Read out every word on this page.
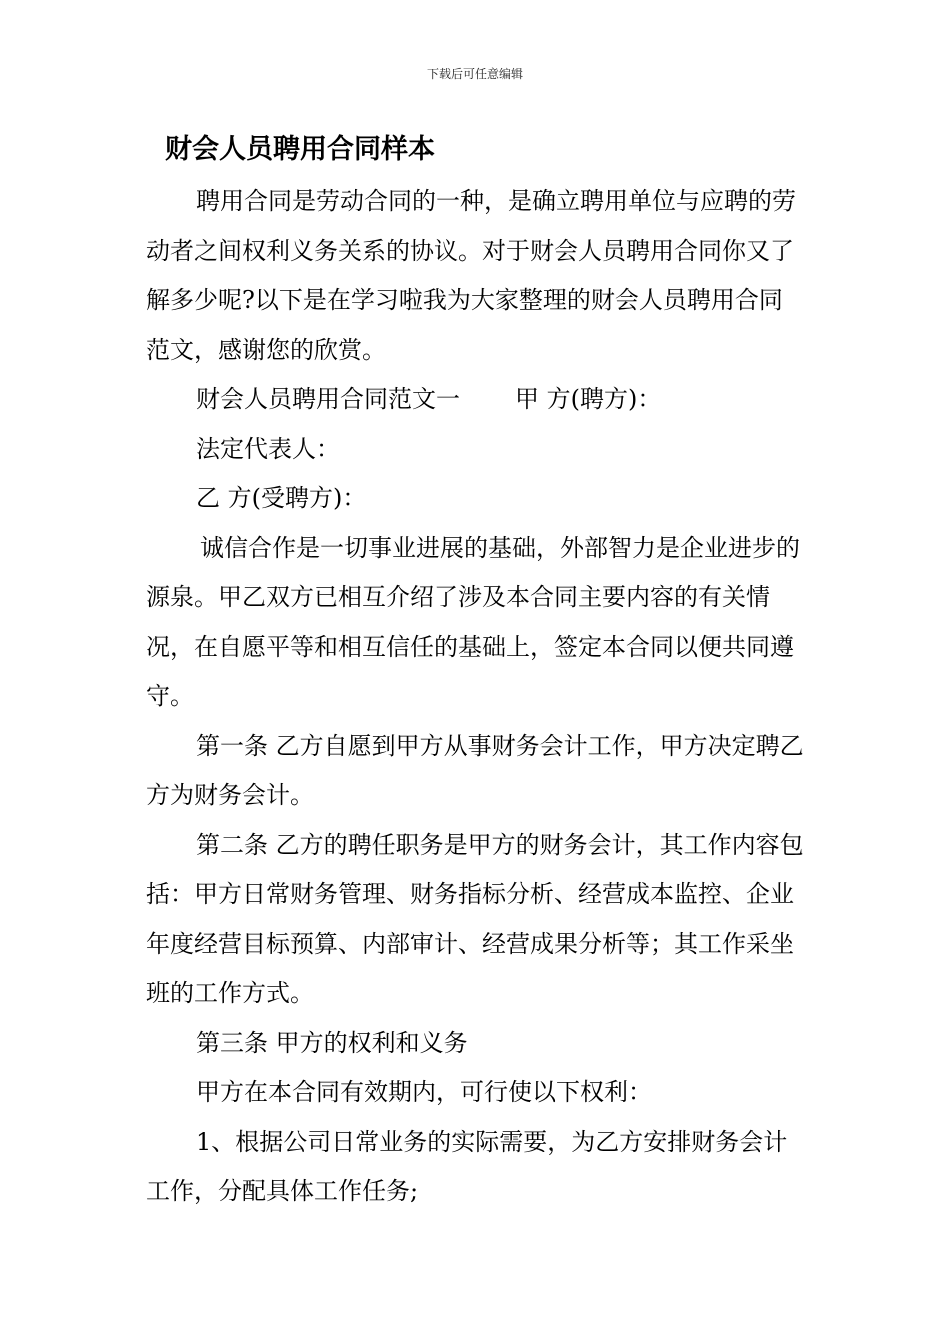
下载后可任意编辑
财会人员聘用合同样本

聘用合同是劳动合同的一种，是确立聘用单位与应聘的劳动者之间权利义务关系的协议。对于财会人员聘用合同你又了解多少呢?以下是在学习啦我为大家整理的财会人员聘用合同范文，感谢您的欣赏。

财会人员聘用合同范文一 甲 方(聘方)：

法定代表人：

乙 方(受聘方)：

诚信合作是一切事业进展的基础，外部智力是企业进步的源泉。甲乙双方已相互介绍了涉及本合同主要内容的有关情况，在自愿平等和相互信任的基础上，签定本合同以便共同遵守。

第一条 乙方自愿到甲方从事财务会计工作，甲方决定聘乙方为财务会计。

第二条 乙方的聘任职务是甲方的财务会计，其工作内容包括：甲方日常财务管理、财务指标分析、经营成本监控、企业年度经营目标预算、内部审计、经营成果分析等；其工作采坐班的工作方式。

第三条 甲方的权利和义务

甲方在本合同有效期内，可行使以下权利：

1、根据公司日常业务的实际需要，为乙方安排财务会计工作，分配具体工作任务;
